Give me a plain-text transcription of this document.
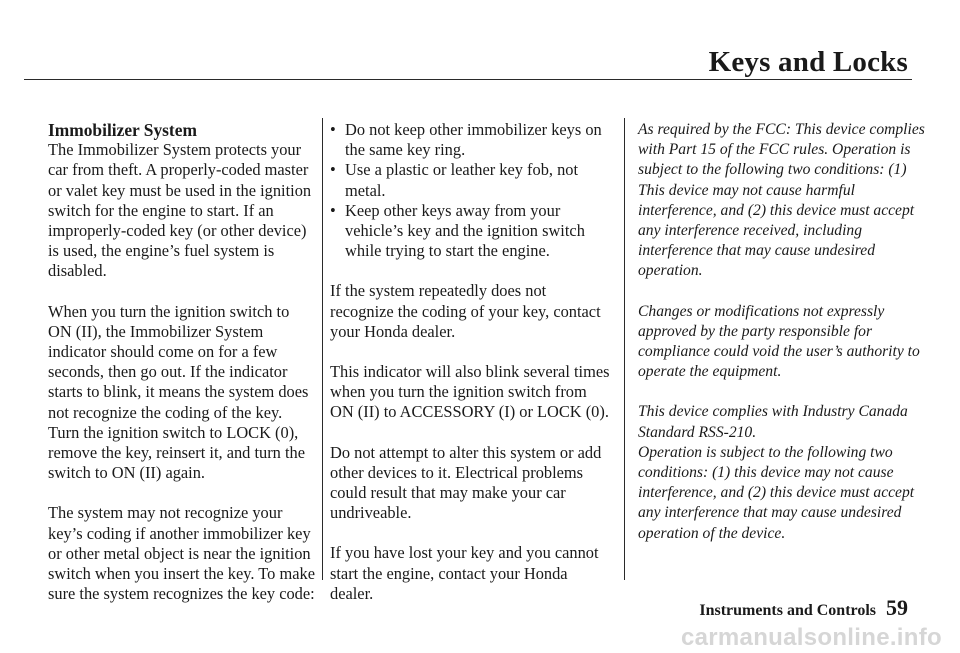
Keys and Locks

Immobilizer System
The Immobilizer System protects your car from theft. A properly-coded master or valet key must be used in the ignition switch for the engine to start. If an improperly-coded key (or other device) is used, the engine’s fuel system is disabled.

When you turn the ignition switch to ON (II), the Immobilizer System indicator should come on for a few seconds, then go out. If the indicator starts to blink, it means the system does not recognize the coding of the key. Turn the ignition switch to LOCK (0), remove the key, reinsert it, and turn the switch to ON (II) again.

The system may not recognize your key’s coding if another immobilizer key or other metal object is near the ignition switch when you insert the key. To make sure the system recognizes the key code:

• Do not keep other immobilizer keys on the same key ring.
• Use a plastic or leather key fob, not metal.
• Keep other keys away from your vehicle’s key and the ignition switch while trying to start the engine.

If the system repeatedly does not recognize the coding of your key, contact your Honda dealer.

This indicator will also blink several times when you turn the ignition switch from ON (II) to ACCESSORY (I) or LOCK (0).

Do not attempt to alter this system or add other devices to it. Electrical problems could result that may make your car undriveable.

If you have lost your key and you cannot start the engine, contact your Honda dealer.

As required by the FCC: This device complies with Part 15 of the FCC rules. Operation is subject to the following two conditions: (1) This device may not cause harmful interference, and (2) this device must accept any interference received, including interference that may cause undesired operation.

Changes or modifications not expressly approved by the party responsible for compliance could void the user’s authority to operate the equipment.

This device complies with Industry Canada Standard RSS-210.

Operation is subject to the following two conditions: (1) this device may not cause interference, and (2) this device must accept any interference that may cause undesired operation of the device.

Instruments and Controls 59
carmanualsonline.info
